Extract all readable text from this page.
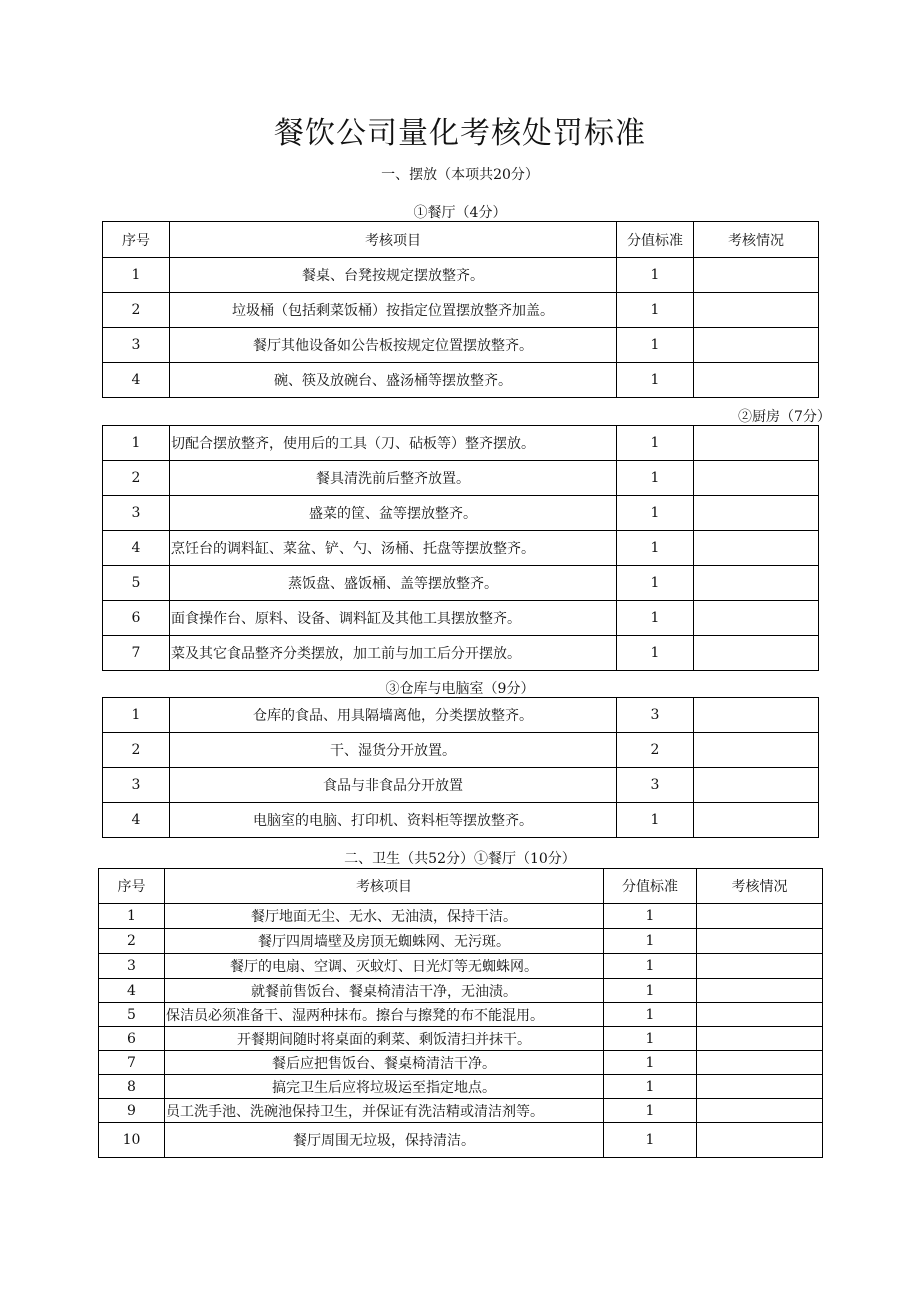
餐饮公司量化考核处罚标准
一、摆放（本项共20分）
①餐厅（4分）
序号	考核项目	分值标准	考核情况
1	餐桌、台凳按规定摆放整齐。	1	
2	垃圾桶（包括剩菜饭桶）按指定位置摆放整齐加盖。	1	
3	餐厅其他设备如公告板按规定位置摆放整齐。	1	
4	碗、筷及放碗台、盛汤桶等摆放整齐。	1	
②厨房（7分）
1	切配合摆放整齐，使用后的工具（刀、砧板等）整齐摆放。	1	
2	餐具清洗前后整齐放置。	1	
3	盛菜的筐、盆等摆放整齐。	1	
4	烹饪台的调料缸、菜盆、铲、勺、汤桶、托盘等摆放整齐。	1	
5	蒸饭盘、盛饭桶、盖等摆放整齐。	1	
6	面食操作台、原料、设备、调料缸及其他工具摆放整齐。	1	
7	菜及其它食品整齐分类摆放，加工前与加工后分开摆放。	1	
③仓库与电脑室（9分）
1	仓库的食品、用具隔墙离他，分类摆放整齐。	3	
2	干、湿货分开放置。	2	
3	食品与非食品分开放置	3	
4	电脑室的电脑、打印机、资料柜等摆放整齐。	1	
二、卫生（共52分）①餐厅（10分）
序号	考核项目	分值标准	考核情况
1	餐厅地面无尘、无水、无油渍，保持干洁。	1	
2	餐厅四周墙壁及房顶无蜘蛛网、无污斑。	1	
3	餐厅的电扇、空调、灭蚊灯、日光灯等无蜘蛛网。	1	
4	就餐前售饭台、餐桌椅清洁干净，无油渍。	1	
5	保洁员必须准备干、湿两种抹布。擦台与擦凳的布不能混用。	1	
6	开餐期间随时将桌面的剩菜、剩饭清扫并抹干。	1	
7	餐后应把售饭台、餐桌椅清洁干净。	1	
8	搞完卫生后应将垃圾运至指定地点。	1	
9	员工洗手池、洗碗池保持卫生，并保证有洗洁精或清洁剂等。	1	
10	餐厅周围无垃圾，保持清洁。	1	
